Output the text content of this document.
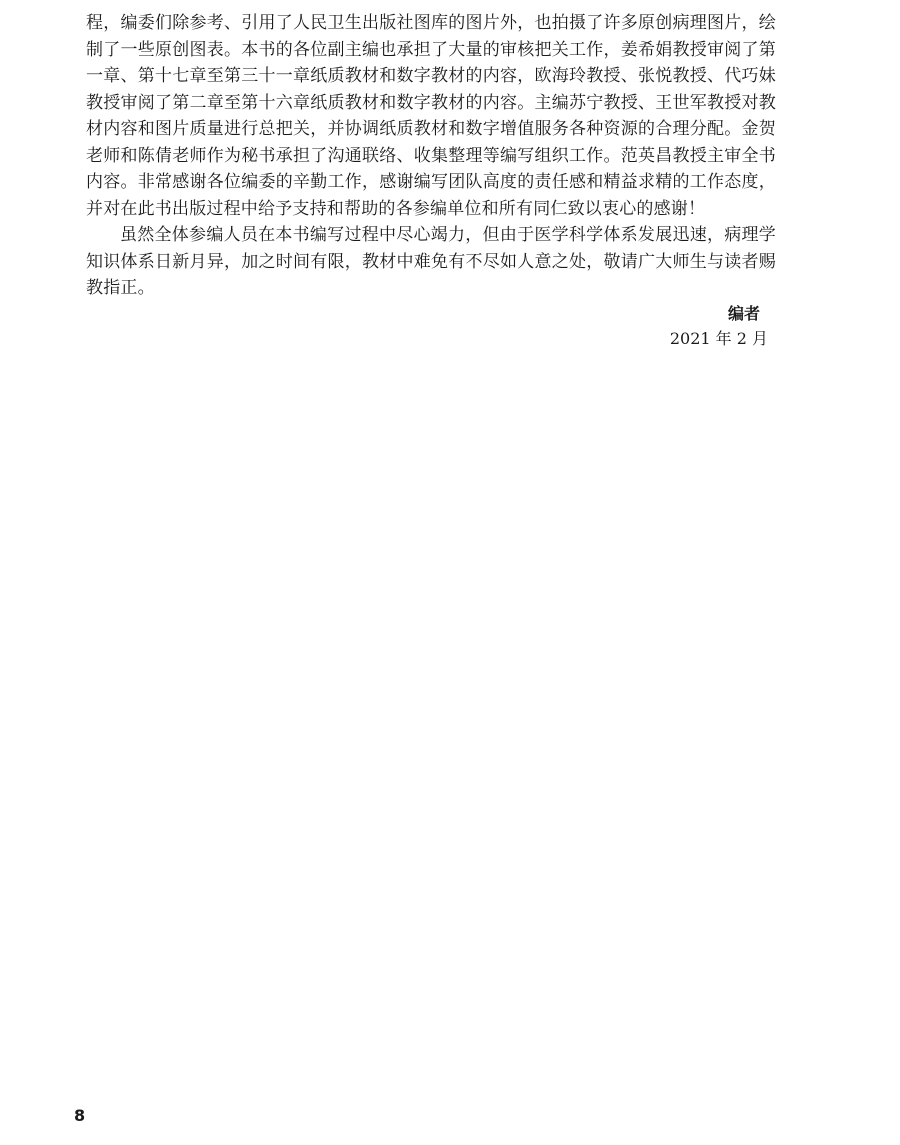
程，编委们除参考、引用了人民卫生出版社图库的图片外，也拍摄了许多原创病理图片，绘制了一些原创图表。本书的各位副主编也承担了大量的审核把关工作，姜希娟教授审阅了第一章、第十七章至第三十一章纸质教材和数字教材的内容，欧海玲教授、张悦教授、代巧妹教授审阅了第二章至第十六章纸质教材和数字教材的内容。主编苏宁教授、王世军教授对教材内容和图片质量进行总把关，并协调纸质教材和数字增值服务各种资源的合理分配。金贺老师和陈倩老师作为秘书承担了沟通联络、收集整理等编写组织工作。范英昌教授主审全书内容。非常感谢各位编委的辛勤工作，感谢编写团队高度的责任感和精益求精的工作态度，并对在此书出版过程中给予支持和帮助的各参编单位和所有同仁致以衷心的感谢！

虽然全体参编人员在本书编写过程中尽心竭力，但由于医学科学体系发展迅速，病理学知识体系日新月异，加之时间有限，教材中难免有不尽如人意之处，敬请广大师生与读者赐教指正。

编者
2021 年 2 月
8
